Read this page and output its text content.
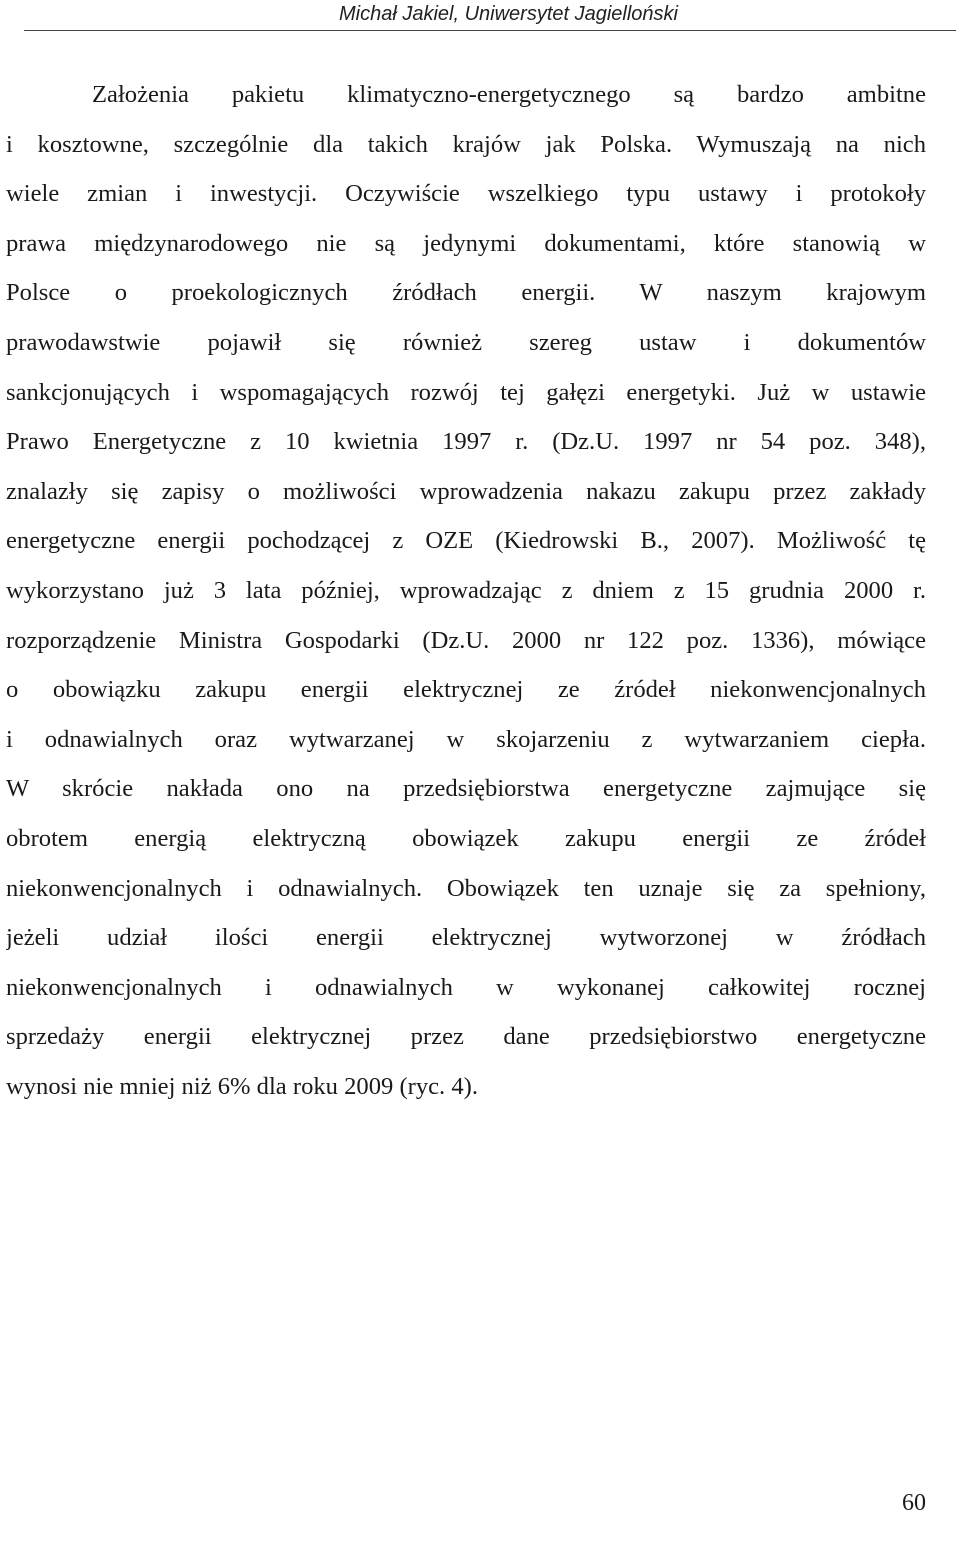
Michał Jakiel, Uniwersytet Jagielloński
Założenia pakietu klimatyczno-energetycznego są bardzo ambitne
i kosztowne, szczególnie dla takich krajów jak Polska. Wymuszają na nich
wiele zmian i inwestycji. Oczywiście wszelkiego typu ustawy i protokoły
prawa międzynarodowego nie są jedynymi dokumentami, które stanowią w
Polsce o proekologicznych źródłach energii. W naszym krajowym
prawodawstwie pojawił się również szereg ustaw i dokumentów
sankcjonujących i wspomagających rozwój tej gałęzi energetyki. Już w ustawie
Prawo Energetyczne z 10 kwietnia 1997 r. (Dz.U. 1997 nr 54 poz. 348),
znalazły się zapisy o możliwości wprowadzenia nakazu zakupu przez zakłady
energetyczne energii pochodzącej z OZE (Kiedrowski B., 2007). Możliwość tę
wykorzystano już 3 lata później, wprowadzając z dniem z 15 grudnia 2000 r.
rozporządzenie Ministra Gospodarki (Dz.U. 2000 nr 122 poz. 1336), mówiące
o obowiązku zakupu energii elektrycznej ze źródeł niekonwencjonalnych
i odnawialnych oraz wytwarzanej w skojarzeniu z wytwarzaniem ciepła.
W skrócie nakłada ono na przedsiębiorstwa energetyczne zajmujące się
obrotem energią elektryczną obowiązek zakupu energii ze źródeł
niekonwencjonalnych i odnawialnych. Obowiązek ten uznaje się za spełniony,
jeżeli udział ilości energii elektrycznej wytworzonej w źródłach
niekonwencjonalnych i odnawialnych w wykonanej całkowitej rocznej
sprzedaży energii elektrycznej przez dane przedsiębiorstwo energetyczne
wynosi nie mniej niż 6% dla roku 2009 (ryc. 4).
60
